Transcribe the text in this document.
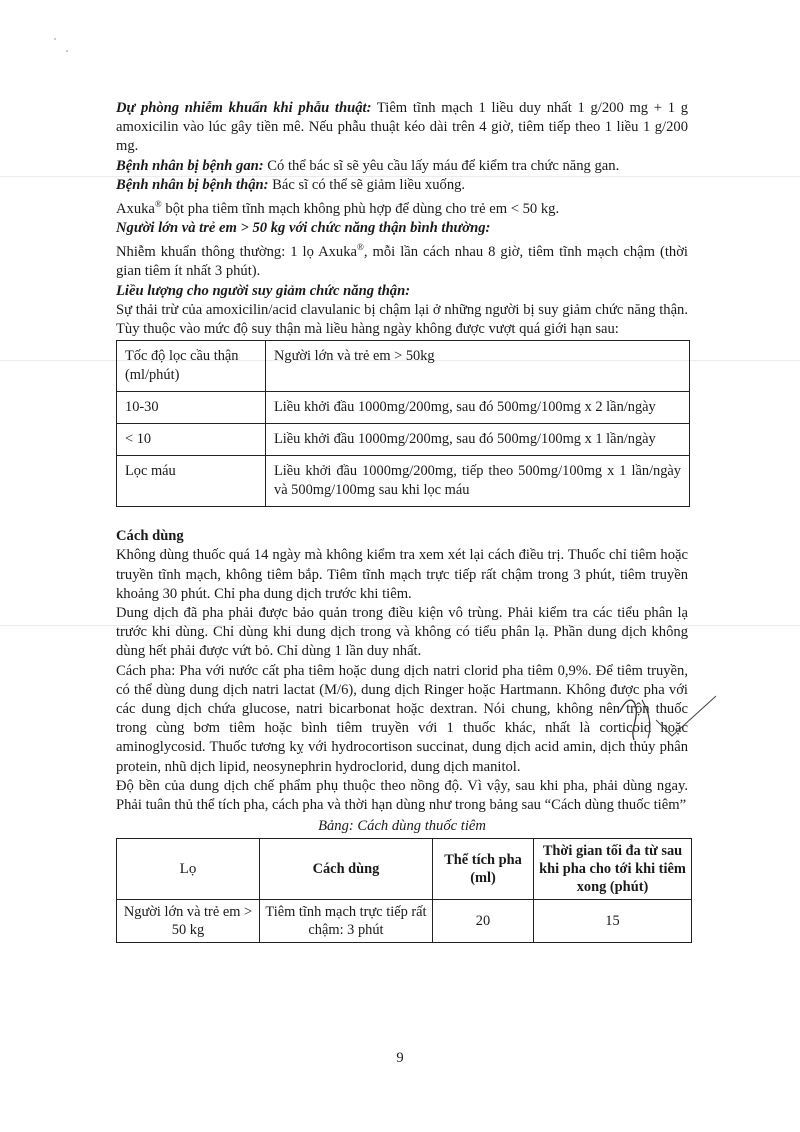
Dự phòng nhiễm khuẩn khi phẫu thuật: Tiêm tĩnh mạch 1 liều duy nhất 1 g/200 mg + 1 g amoxicilin vào lúc gây tiền mê. Nếu phẫu thuật kéo dài trên 4 giờ, tiêm tiếp theo 1 liều 1 g/200 mg.

Bệnh nhân bị bệnh gan: Có thể bác sĩ sẽ yêu cầu lấy máu để kiểm tra chức năng gan.

Bệnh nhân bị bệnh thận: Bác sĩ có thể sẽ giảm liều xuống.

Axuka® bột pha tiêm tĩnh mạch không phù hợp để dùng cho trẻ em < 50 kg.

Người lớn và trẻ em > 50 kg với chức năng thận bình thường:

Nhiễm khuẩn thông thường: 1 lọ Axuka®, mỗi lần cách nhau 8 giờ, tiêm tĩnh mạch chậm (thời gian tiêm ít nhất 3 phút).

Liều lượng cho người suy giảm chức năng thận:

Sự thải trừ của amoxicilin/acid clavulanic bị chậm lại ở những người bị suy giảm chức năng thận. Tùy thuộc vào mức độ suy thận mà liều hàng ngày không được vượt quá giới hạn sau:

Tốc độ lọc cầu thận (ml/phút)	Người lớn và trẻ em > 50kg
10-30	Liều khởi đầu 1000mg/200mg, sau đó 500mg/100mg x 2 lần/ngày
< 10	Liều khởi đầu 1000mg/200mg, sau đó 500mg/100mg x 1 lần/ngày
Lọc máu	Liều khởi đầu 1000mg/200mg, tiếp theo 500mg/100mg x 1 lần/ngày và 500mg/100mg sau khi lọc máu

Cách dùng

Không dùng thuốc quá 14 ngày mà không kiểm tra xem xét lại cách điều trị. Thuốc chỉ tiêm hoặc truyền tĩnh mạch, không tiêm bắp. Tiêm tĩnh mạch trực tiếp rất chậm trong 3 phút, tiêm truyền khoảng 30 phút. Chỉ pha dung dịch trước khi tiêm.

Dung dịch đã pha phải được bảo quản trong điều kiện vô trùng. Phải kiểm tra các tiểu phân lạ trước khi dùng. Chỉ dùng khi dung dịch trong và không có tiểu phân lạ. Phần dung dịch không dùng hết phải được vứt bỏ. Chỉ dùng 1 lần duy nhất.

Cách pha: Pha với nước cất pha tiêm hoặc dung dịch natri clorid pha tiêm 0,9%. Để tiêm truyền, có thể dùng dung dịch natri lactat (M/6), dung dịch Ringer hoặc Hartmann. Không được pha với các dung dịch chứa glucose, natri bicarbonat hoặc dextran. Nói chung, không nên trộn thuốc trong cùng bơm tiêm hoặc bình tiêm truyền với 1 thuốc khác, nhất là corticoid hoặc aminoglycosid. Thuốc tương kỵ với hydrocortison succinat, dung dịch acid amin, dịch thủy phân protein, nhũ dịch lipid, neosynephrin hydroclorid, dung dịch manitol.

Độ bền của dung dịch chế phẩm phụ thuộc theo nồng độ. Vì vậy, sau khi pha, phải dùng ngay. Phải tuân thủ thể tích pha, cách pha và thời hạn dùng như trong bảng sau “Cách dùng thuốc tiêm”

Bảng: Cách dùng thuốc tiêm

Lọ	Cách dùng	Thể tích pha (ml)	Thời gian tối đa từ sau khi pha cho tới khi tiêm xong (phút)
Người lớn và trẻ em > 50 kg	Tiêm tĩnh mạch trực tiếp rất chậm: 3 phút	20	15
9
